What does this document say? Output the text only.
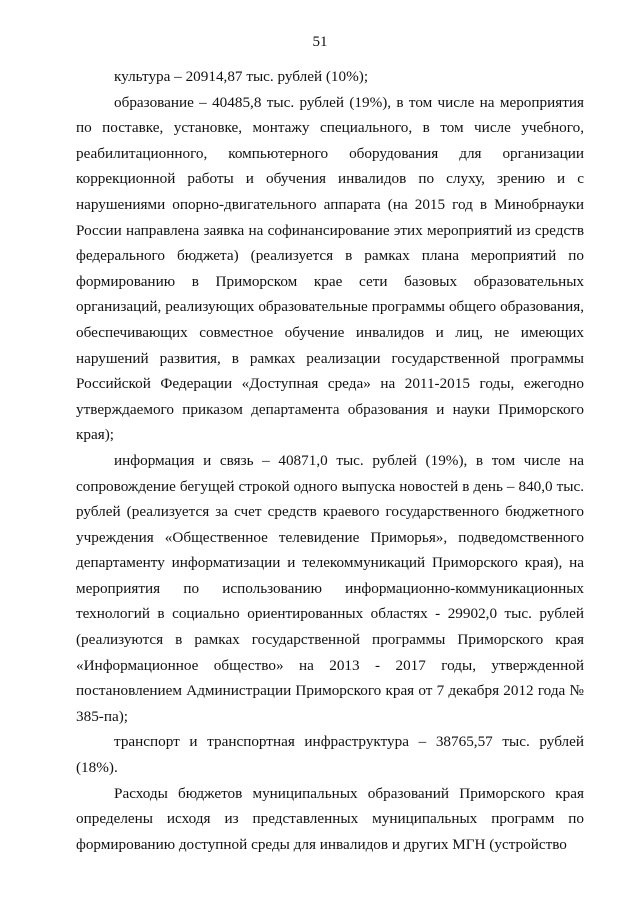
51

культура – 20914,87 тыс. рублей (10%);

образование – 40485,8 тыс. рублей (19%), в том числе на мероприятия по поставке, установке, монтажу специального, в том числе учебного, реабилитационного, компьютерного оборудования для организации коррекционной работы и обучения инвалидов по слуху, зрению и с нарушениями опорно-двигательного аппарата (на 2015 год в Минобрнауки России направлена заявка на софинансирование этих мероприятий из средств федерального бюджета) (реализуется в рамках плана мероприятий по формированию в Приморском крае сети базовых образовательных организаций, реализующих образовательные программы общего образования, обеспечивающих совместное обучение инвалидов и лиц, не имеющих нарушений развития, в рамках реализации государственной программы Российской Федерации «Доступная среда» на 2011-2015 годы, ежегодно утверждаемого приказом департамента образования и науки Приморского края);

информация и связь – 40871,0 тыс. рублей (19%), в том числе на сопровождение бегущей строкой одного выпуска новостей в день – 840,0 тыс. рублей (реализуется за счет средств краевого государственного бюджетного учреждения «Общественное телевидение Приморья», подведомственного департаменту информатизации и телекоммуникаций Приморского края), на мероприятия по использованию информационно-коммуникационных технологий в социально ориентированных областях - 29902,0 тыс. рублей (реализуются в рамках государственной программы Приморского края «Информационное общество» на 2013 - 2017 годы, утвержденной постановлением Администрации Приморского края от 7 декабря 2012 года № 385-па);

транспорт и транспортная инфраструктура – 38765,57 тыс. рублей (18%).

Расходы бюджетов муниципальных образований Приморского края определены исходя из представленных муниципальных программ по формированию доступной среды для инвалидов и других МГН (устройство
